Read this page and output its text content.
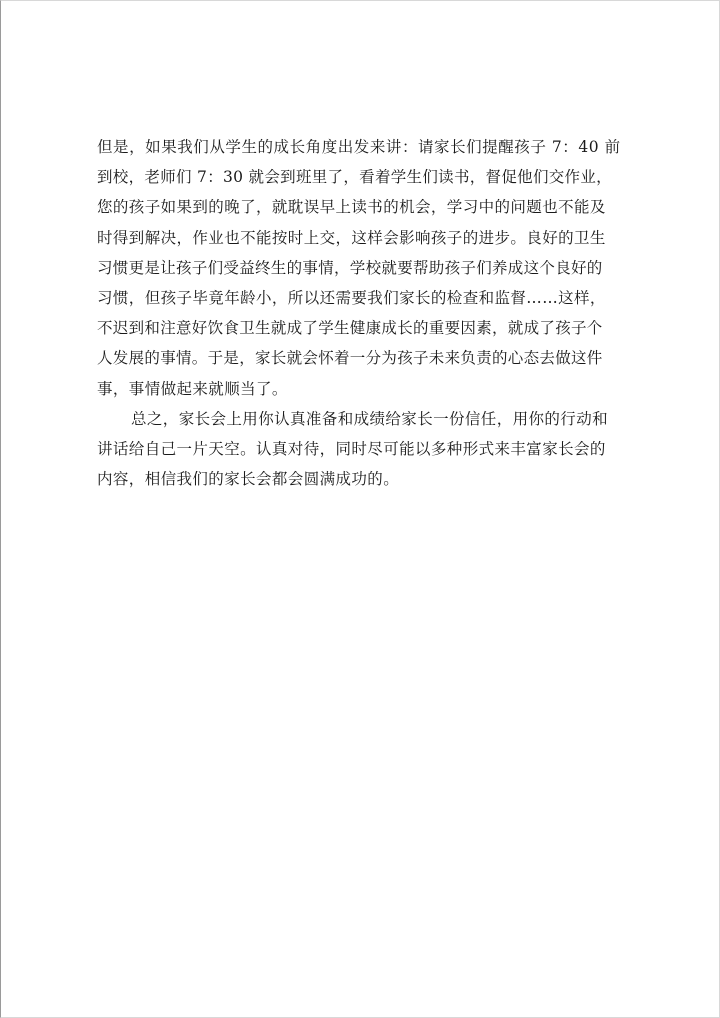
但是，如果我们从学生的成长角度出发来讲：请家长们提醒孩子 7：40 前
到校，老师们 7：30 就会到班里了，看着学生们读书，督促他们交作业，
您的孩子如果到的晚了，就耽误早上读书的机会，学习中的问题也不能及
时得到解决，作业也不能按时上交，这样会影响孩子的进步。良好的卫生
习惯更是让孩子们受益终生的事情，学校就要帮助孩子们养成这个良好的
习惯，但孩子毕竟年龄小，所以还需要我们家长的检查和监督……这样，
不迟到和注意好饮食卫生就成了学生健康成长的重要因素，就成了孩子个
人发展的事情。于是，家长就会怀着一分为孩子未来负责的心态去做这件
事，事情做起来就顺当了。
总之，家长会上用你认真准备和成绩给家长一份信任，用你的行动和
讲话给自己一片天空。认真对待，同时尽可能以多种形式来丰富家长会的
内容，相信我们的家长会都会圆满成功的。
